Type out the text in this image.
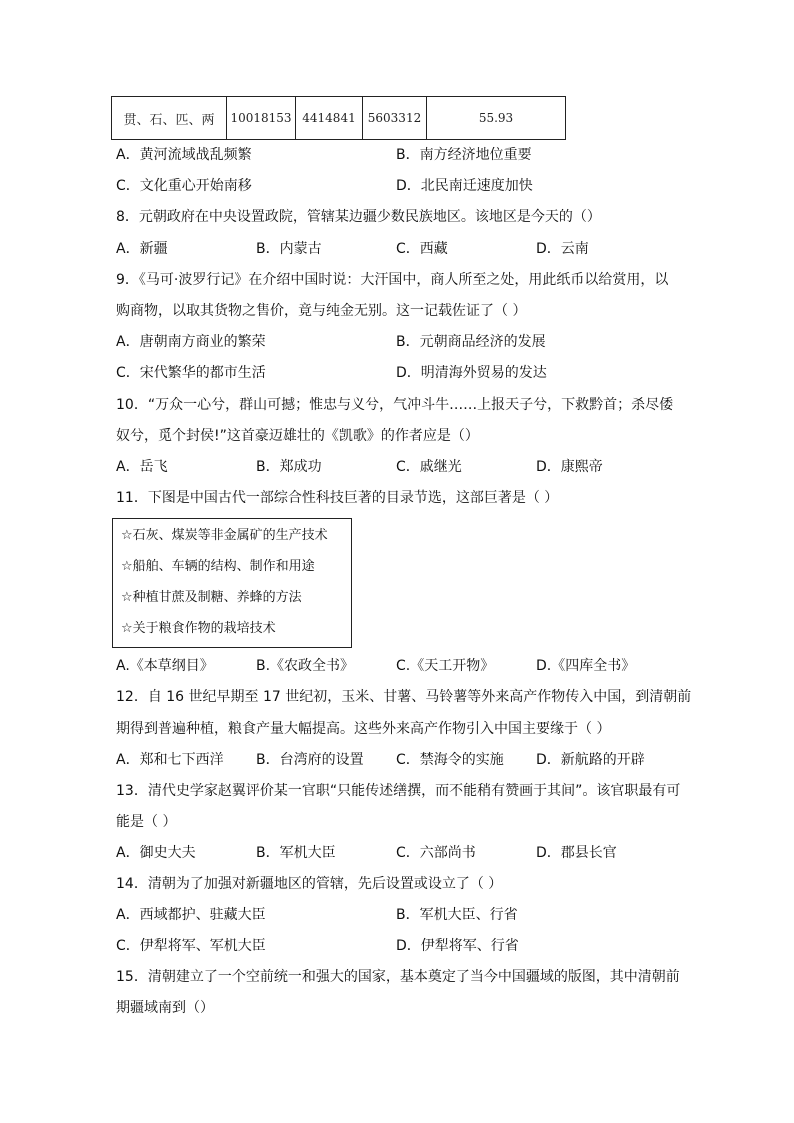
贯、石、匹、两	10018153	4414841	5603312	55.93
A．黄河流域战乱频繁	B．南方经济地位重要
C．文化重心开始南移	D．北民南迁速度加快
8．元朝政府在中央设置政院，管辖某边疆少数民族地区。该地区是今天的（）
A．新疆	B．内蒙古	C．西藏	D．云南
9．《马可·波罗行记》在介绍中国时说：大汗国中，商人所至之处，用此纸币以给赏用，以
购商物，以取其货物之售价，竟与纯金无别。这一记载佐证了（ ）
A．唐朝南方商业的繁荣	B．元朝商品经济的发展
C．宋代繁华的都市生活	D．明清海外贸易的发达
10．“万众一心兮，群山可撼；惟忠与义兮，气冲斗牛……上报天子兮，下救黔首；杀尽倭
奴兮，觅个封侯!”这首豪迈雄壮的《凯歌》的作者应是（）
A．岳飞	B．郑成功	C．戚继光	D．康熙帝
11．下图是中国古代一部综合性科技巨著的目录节选，这部巨著是（ ）
☆石灰、煤炭等非金属矿的生产技术
☆船舶、车辆的结构、制作和用途
☆种植甘蔗及制糖、养蜂的方法
☆关于粮食作物的栽培技术
A.《本草纲目》	B.《农政全书》	C.《天工开物》	D.《四库全书》
12．自 16 世纪早期至 17 世纪初，玉米、甘薯、马铃薯等外来高产作物传入中国，到清朝前
期得到普遍种植，粮食产量大幅提高。这些外来高产作物引入中国主要缘于（ ）
A．郑和七下西洋 B．台湾府的设置 C．禁海令的实施 D．新航路的开辟
13．清代史学家赵翼评价某一官职“只能传述缮撰，而不能稍有赞画于其间”。该官职最有可
能是（ ）
A．御史大夫	B．军机大臣	C．六部尚书	D．郡县长官
14．清朝为了加强对新疆地区的管辖，先后设置或设立了（ ）
A．西域都护、驻藏大臣	B．军机大臣、行省
C．伊犁将军、军机大臣	D．伊犁将军、行省
15．清朝建立了一个空前统一和强大的国家，基本奠定了当今中国疆域的版图，其中清朝前
期疆域南到（）
